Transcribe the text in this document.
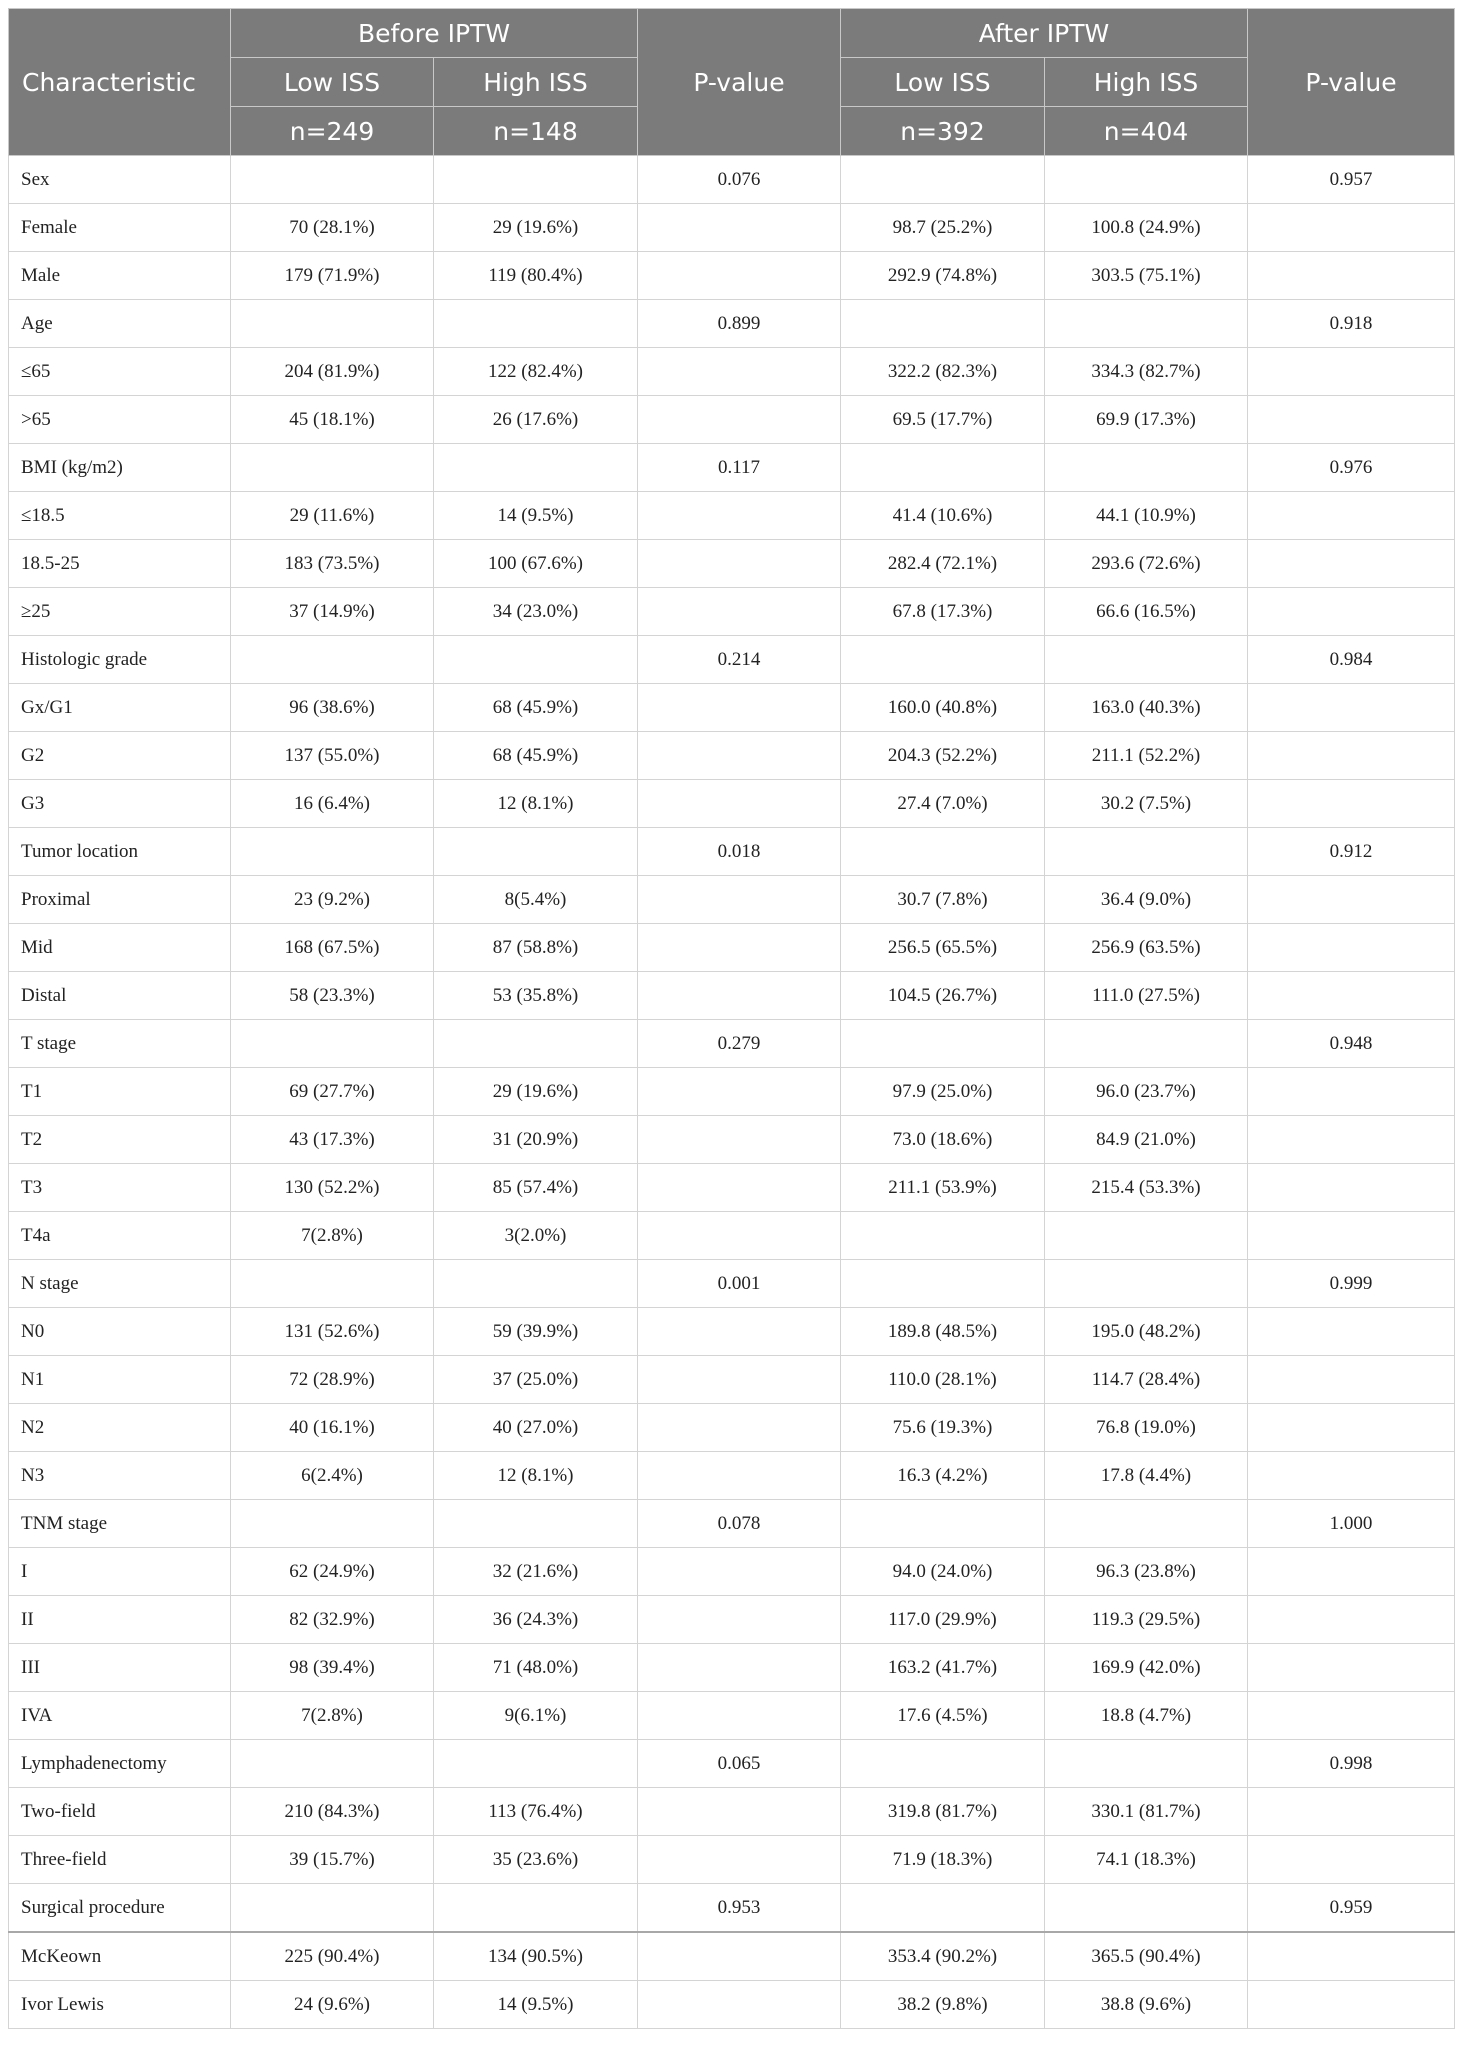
Characteristic	Before IPTW		P-value	After IPTW		P-value
	Low ISS	High ISS		Low ISS	High ISS	
	n=249	n=148		n=392	n=404	
Sex			0.076			0.957
Female	70 (28.1%)	29 (19.6%)		98.7 (25.2%)	100.8 (24.9%)	
Male	179 (71.9%)	119 (80.4%)		292.9 (74.8%)	303.5 (75.1%)	
Age			0.899			0.918
≤65	204 (81.9%)	122 (82.4%)		322.2 (82.3%)	334.3 (82.7%)	
>65	45 (18.1%)	26 (17.6%)		69.5 (17.7%)	69.9 (17.3%)	
BMI (kg/m2)			0.117			0.976
≤18.5	29 (11.6%)	14 (9.5%)		41.4 (10.6%)	44.1 (10.9%)	
18.5-25	183 (73.5%)	100 (67.6%)		282.4 (72.1%)	293.6 (72.6%)	
≥25	37 (14.9%)	34 (23.0%)		67.8 (17.3%)	66.6 (16.5%)	
Histologic grade			0.214			0.984
Gx/G1	96 (38.6%)	68 (45.9%)		160.0 (40.8%)	163.0 (40.3%)	
G2	137 (55.0%)	68 (45.9%)		204.3 (52.2%)	211.1 (52.2%)	
G3	16 (6.4%)	12 (8.1%)		27.4 (7.0%)	30.2 (7.5%)	
Tumor location			0.018			0.912
Proximal	23 (9.2%)	8(5.4%)		30.7 (7.8%)	36.4 (9.0%)	
Mid	168 (67.5%)	87 (58.8%)		256.5 (65.5%)	256.9 (63.5%)	
Distal	58 (23.3%)	53 (35.8%)		104.5 (26.7%)	111.0 (27.5%)	
T stage			0.279			0.948
T1	69 (27.7%)	29 (19.6%)		97.9 (25.0%)	96.0 (23.7%)	
T2	43 (17.3%)	31 (20.9%)		73.0 (18.6%)	84.9 (21.0%)	
T3	130 (52.2%)	85 (57.4%)		211.1 (53.9%)	215.4 (53.3%)	
T4a	7(2.8%)	3(2.0%)				
N stage			0.001			0.999
N0	131 (52.6%)	59 (39.9%)		189.8 (48.5%)	195.0 (48.2%)	
N1	72 (28.9%)	37 (25.0%)		110.0 (28.1%)	114.7 (28.4%)	
N2	40 (16.1%)	40 (27.0%)		75.6 (19.3%)	76.8 (19.0%)	
N3	6(2.4%)	12 (8.1%)		16.3 (4.2%)	17.8 (4.4%)	
TNM stage			0.078			1.000
I	62 (24.9%)	32 (21.6%)		94.0 (24.0%)	96.3 (23.8%)	
II	82 (32.9%)	36 (24.3%)		117.0 (29.9%)	119.3 (29.5%)	
III	98 (39.4%)	71 (48.0%)		163.2 (41.7%)	169.9 (42.0%)	
IVA	7(2.8%)	9(6.1%)		17.6 (4.5%)	18.8 (4.7%)	
Lymphadenectomy			0.065			0.998
Two-field	210 (84.3%)	113 (76.4%)		319.8 (81.7%)	330.1 (81.7%)	
Three-field	39 (15.7%)	35 (23.6%)		71.9 (18.3%)	74.1 (18.3%)	
Surgical procedure			0.953			0.959
McKeown	225 (90.4%)	134 (90.5%)		353.4 (90.2%)	365.5 (90.4%)	
Ivor Lewis	24 (9.6%)	14 (9.5%)		38.2 (9.8%)	38.8 (9.6%)	
